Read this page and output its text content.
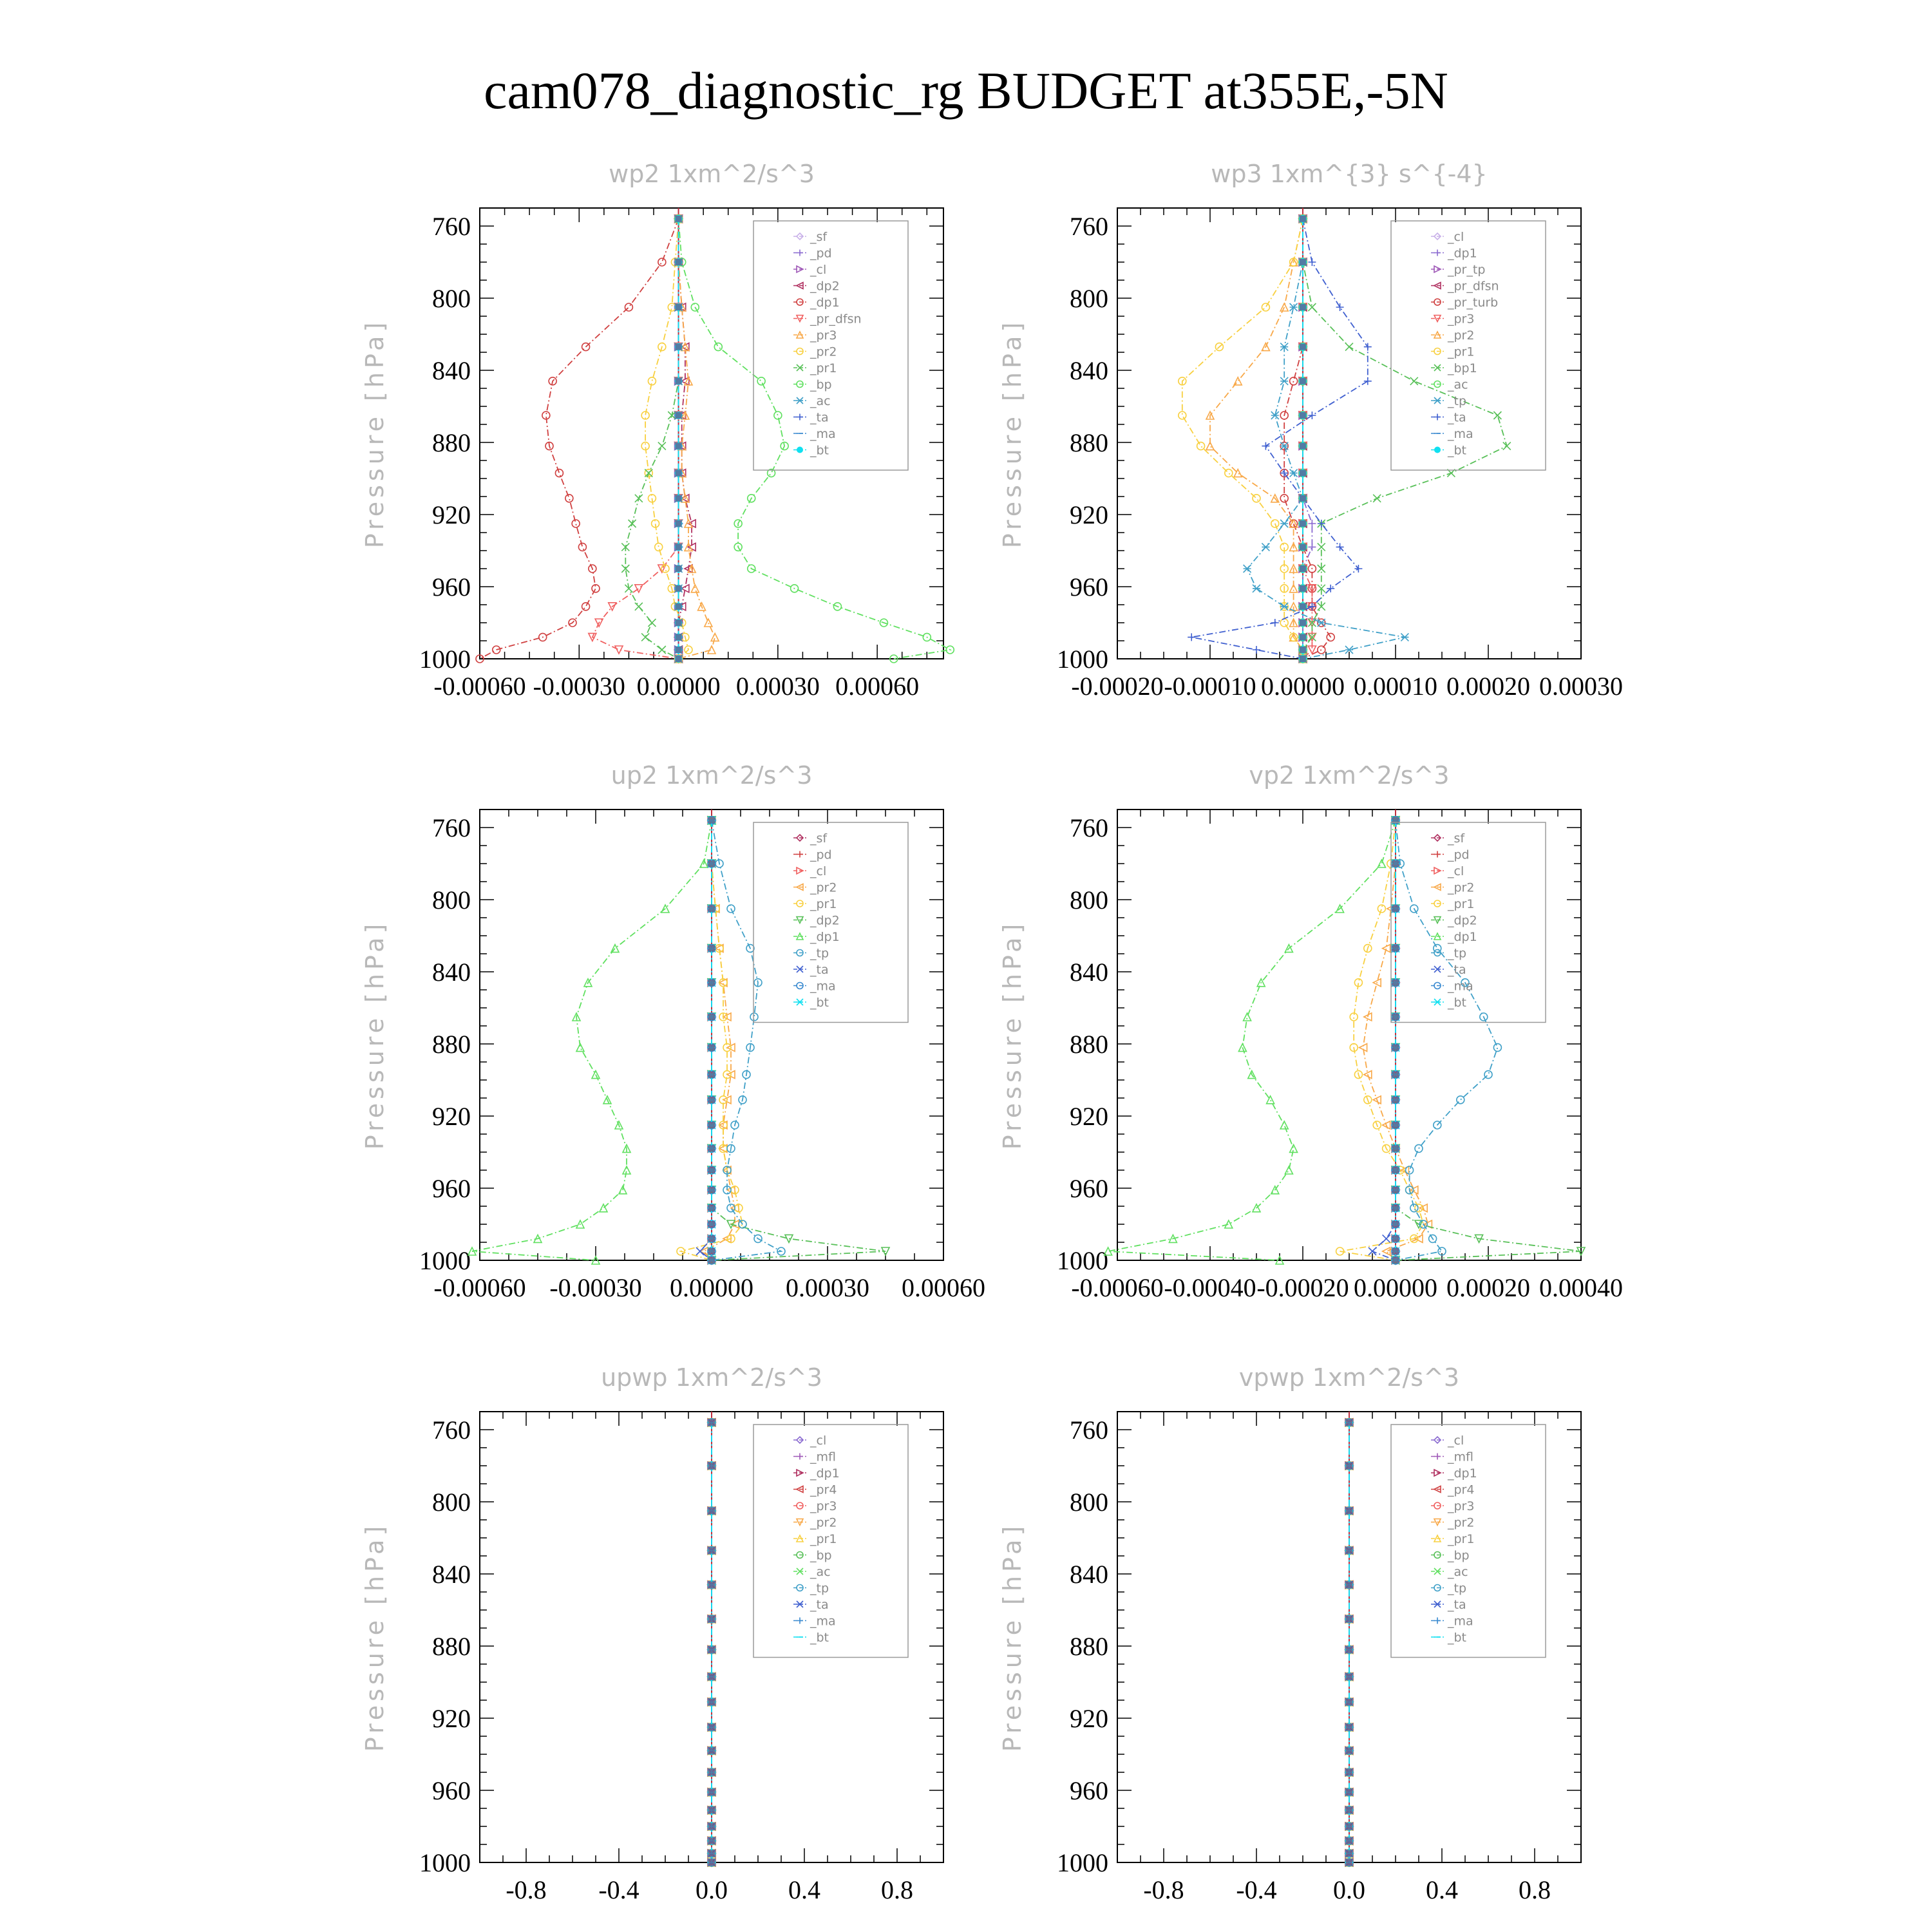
cam078_diagnostic_rg BUDGET at355E,-5N
wp2 1xm^2/s^3
Pressure [hPa]
760
800
840
880
920
960
1000
-0.00060 -0.00030 0.00000 0.00030 0.00060
_sf
_pd
_cl
_dp2
_dp1
_pr_dfsn
_pr3
_pr2
_pr1
_bp
_ac
_ta
_ma
_bt
wp3 1xm^{3} s^{-4}
Pressure [hPa]
760
800
840
880
920
960
1000
-0.00020 -0.00010 0.00000 0.00010 0.00020 0.00030
_cl
_dp1
_pr_tp
_pr_dfsn
_pr_turb
_pr3
_pr2
_pr1
_bp1
_ac
_tp
_ta
_ma
_bt
up2 1xm^2/s^3
Pressure [hPa]
760
800
840
880
920
960
1000
-0.00060 -0.00030 0.00000 0.00030 0.00060
_sf
_pd
_cl
_pr2
_pr1
_dp2
_dp1
_tp
_ta
_ma
_bt
vp2 1xm^2/s^3
Pressure [hPa]
760
800
840
880
920
960
1000
-0.00060 -0.00040 -0.00020 0.00000 0.00020 0.00040
_sf
_pd
_cl
_pr2
_pr1
_dp2
_dp1
_tp
_ta
_ma
_bt
upwp 1xm^2/s^3
Pressure [hPa]
760
800
840
880
920
960
1000
-0.8 -0.4 0.0 0.4 0.8
_cl
_mfl
_dp1
_pr4
_pr3
_pr2
_pr1
_bp
_ac
_tp
_ta
_ma
_bt
vpwp 1xm^2/s^3
Pressure [hPa]
760
800
840
880
920
960
1000
-0.8 -0.4 0.0 0.4 0.8
_cl
_mfl
_dp1
_pr4
_pr3
_pr2
_pr1
_bp
_ac
_tp
_ta
_ma
_bt
